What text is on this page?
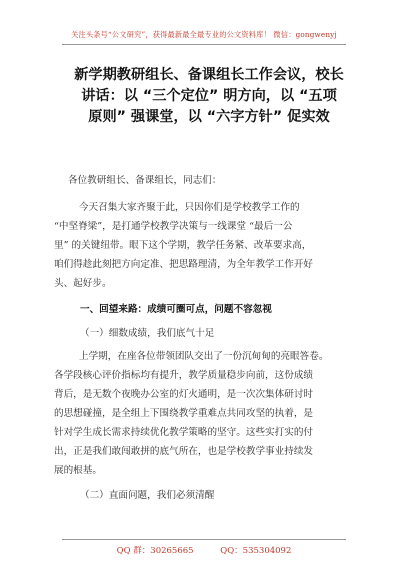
关注头条号“公文研究”，获得最新最全最专业的公文资料库！ 微信：gongwenyj
新学期教研组长、备课组长工作会议，校长
讲话：以 “三个定位” 明方向，以 “五项
原则” 强课堂，以 “六字方针” 促实效
各位教研组长、备课组长，同志们：
今天召集大家齐聚于此，只因你们是学校教学工作的
“中坚脊梁”，是打通学校教学决策与一线课堂 “最后一公
里” 的关键纽带。眼下这个学期，教学任务紧、改革要求高，
咱们得趁此刻把方向定准、把思路理清，为全年教学工作开好
头、起好步。
一、回望来路：成绩可圈可点，问题不容忽视
（一）细数成绩，我们底气十足
上学期，在座各位带领团队交出了一份沉甸甸的亮眼答卷。
各学段核心评价指标均有提升，教学质量稳步向前，这份成绩
背后，是无数个夜晚办公室的灯火通明，是一次次集体研讨时
的思想碰撞，是全组上下围绕教学重难点共同攻坚的执着，是
针对学生成长需求持续优化教学策略的坚守。这些实打实的付
出，正是我们敢闯敢拼的底气所在，也是学校教学事业持续发
展的根基。
（二）直面问题，我们必须清醒
QQ 群：30265665	QQ：535304092
